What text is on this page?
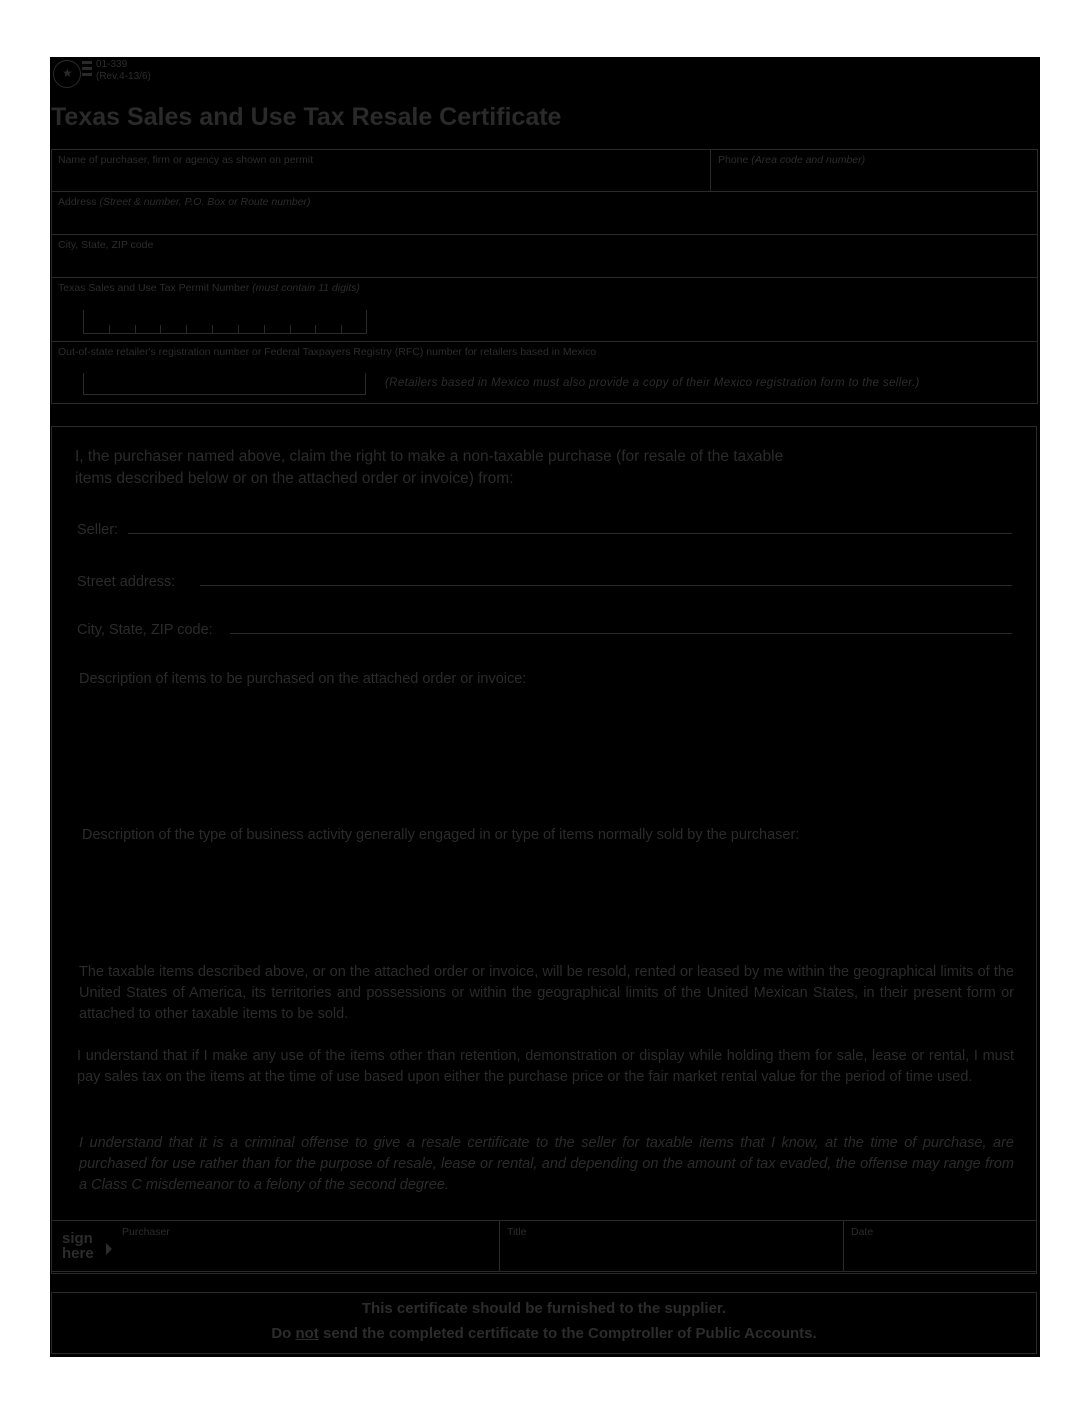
★
01-339
(Rev.4-13/6)
Texas Sales and Use Tax Resale Certificate
Name of purchaser, firm or agency as shown on permit	Phone (Area code and number)
Address (Street & number, P.O. Box or Route number)
City, State, ZIP code
Texas Sales and Use Tax Permit Number (must contain 11 digits)
Out-of-state retailer's registration number or Federal Taxpayers Registry (RFC) number for retailers based in Mexico
(Retailers based in Mexico must also provide a copy of their Mexico registration form to the seller.)
I, the purchaser named above, claim the right to make a non-taxable purchase (for resale of the taxable
items described below or on the attached order or invoice) from:
Seller:
Street address:
City, State, ZIP code:
Description of items to be purchased on the attached order or invoice:
Description of the type of business activity generally engaged in or type of items normally sold by the purchaser:
The taxable items described above, or on the attached order or invoice, will be resold, rented or leased by me within the geographical limits of the United States of America, its territories and possessions or within the geographical limits of the United Mexican States, in their present form or attached to other taxable items to be sold.
I understand that if I make any use of the items other than retention, demonstration or display while holding them for sale, lease or rental, I must pay sales tax on the items at the time of use based upon either the purchase price or the fair market rental value for the period of time used.
I understand that it is a criminal offense to give a resale certificate to the seller for taxable items that I know, at the time of purchase, are purchased for use rather than for the purpose of resale, lease or rental, and depending on the amount of tax evaded, the offense may range from a Class C misdemeanor to a felony of the second degree.
sign
here
Purchaser	Title	Date
This certificate should be furnished to the supplier.
Do not send the completed certificate to the Comptroller of Public Accounts.
